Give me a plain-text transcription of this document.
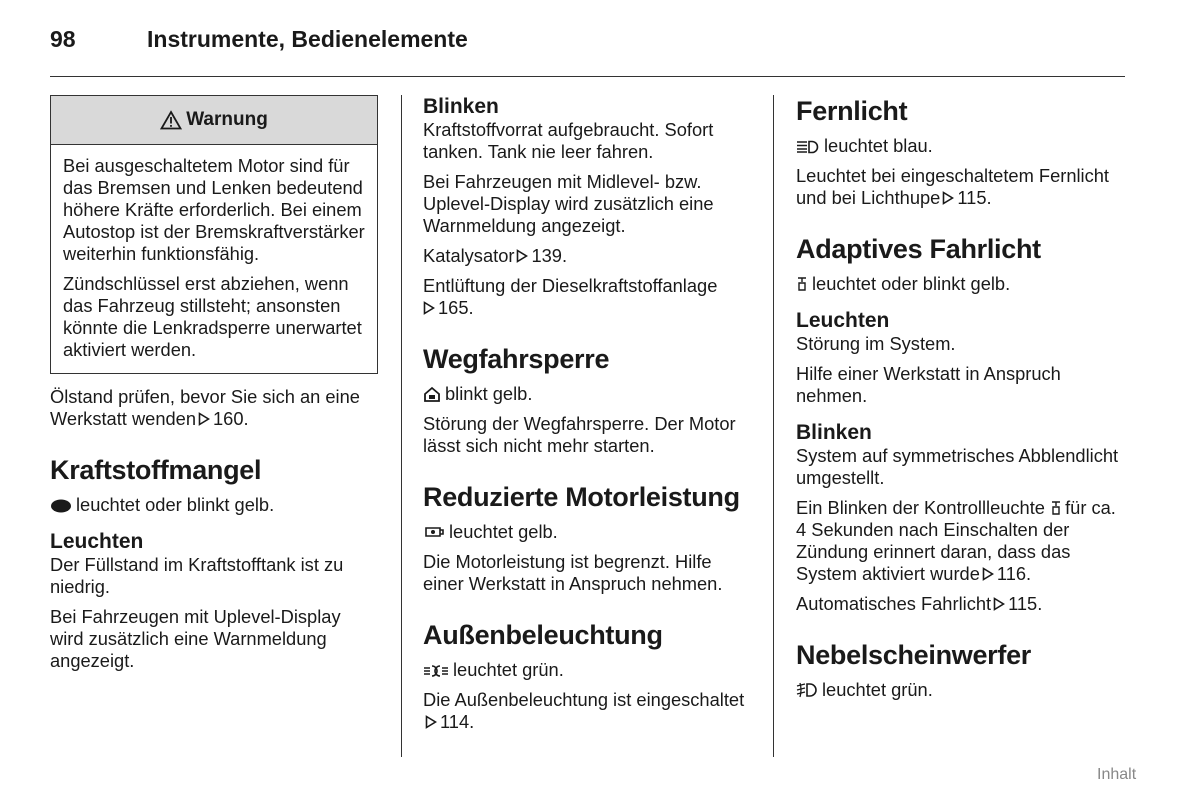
98	Instrumente, Bedienelemente
Warnung

Bei ausgeschaltetem Motor sind für das Bremsen und Lenken bedeutend höhere Kräfte erforderlich. Bei einem Autostop ist der Bremskraftverstärker weiterhin funktionsfähig.

Zündschlüssel erst abziehen, wenn das Fahrzeug stillsteht; ansonsten könnte die Lenkradsperre unerwartet aktiviert werden.

Ölstand prüfen, bevor Sie sich an eine Werkstatt wenden 160.

Kraftstoffmangel

leuchtet oder blinkt gelb.

Leuchten

Der Füllstand im Kraftstofftank ist zu niedrig.

Bei Fahrzeugen mit Uplevel-Display wird zusätzlich eine Warnmeldung angezeigt.

Blinken

Kraftstoffvorrat aufgebraucht. Sofort tanken. Tank nie leer fahren.

Bei Fahrzeugen mit Midlevel- bzw. Uplevel-Display wird zusätzlich eine Warnmeldung angezeigt.

Katalysator 139.

Entlüftung der Dieselkraftstoffanlage
165.

Wegfahrsperre

blinkt gelb.

Störung der Wegfahrsperre. Der Motor lässt sich nicht mehr starten.

Reduzierte Motorleistung

leuchtet gelb.

Die Motorleistung ist begrenzt. Hilfe einer Werkstatt in Anspruch nehmen.

Außenbeleuchtung

leuchtet grün.

Die Außenbeleuchtung ist eingeschaltet114.

Fernlicht

leuchtet blau.

Leuchtet bei eingeschaltetem Fernlicht und bei Lichthupe 115.

Adaptives Fahrlicht

leuchtet oder blinkt gelb.

Leuchten

Störung im System.

Hilfe einer Werkstatt in Anspruch nehmen.

Blinken

System auf symmetrisches Abblendlicht umgestellt.

Ein Blinken der Kontrollleuchte für ca. 4 Sekunden nach Einschalten der Zündung erinnert daran, dass das System aktiviert wurde 116.

Automatisches Fahrlicht 115.

Nebelscheinwerfer

leuchtet grün.

Inhalt
